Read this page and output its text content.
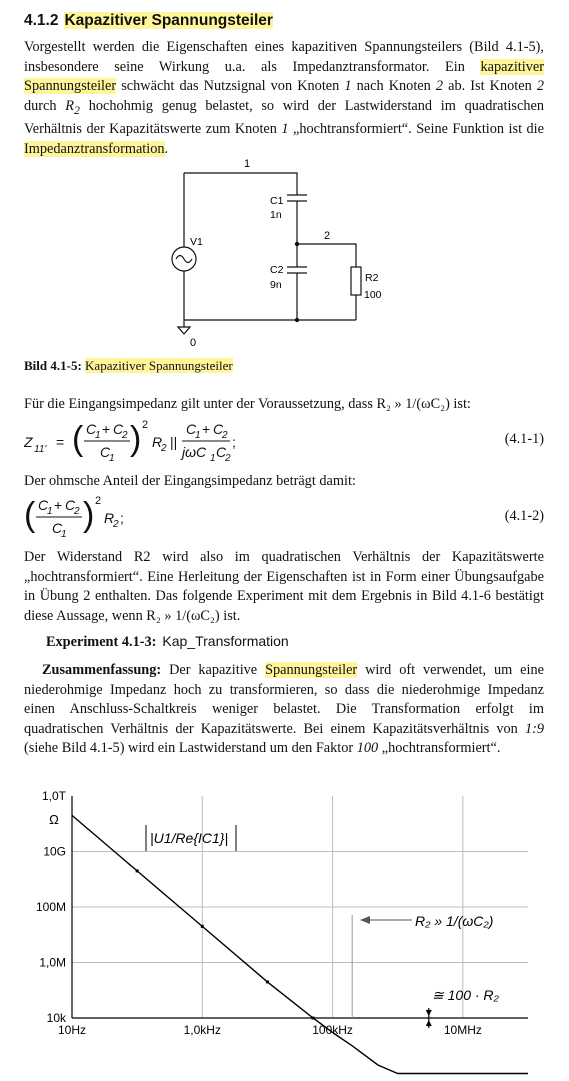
4.1.2 Kapazitiver Spannungsteiler
Vorgestellt werden die Eigenschaften eines kapazitiven Spannungsteilers (Bild 4.1-5), insbesondere seine Wirkung u.a. als Impedanztransformator. Ein kapazitiver Spannungsteiler schwächt das Nutzsignal von Knoten 1 nach Knoten 2 ab. Ist Knoten 2 durch $R_2$ hochohmig genug belastet, so wird der Lastwiderstand im quadratischen Verhältnis der Kapazitätswerte zum Knoten 1 „hochtransformiert“. Seine Funktion ist die Impedanztransformation.
1
2
0
C1
1n
C2
9n
R2
100
V1
Bild 4.1-5: Kapazitiver Spannungsteiler
Für die Eingangsimpedanz gilt unter der Voraussetzung, dass R₂ » 1/(ωC₂) ist:
Z 11' = ( C
1 + C
2
C
1
) 2
R
2 ||
C
1 + C
2
jωC 1 C
2
;	(4.1-1)
Der ohmsche Anteil der Eingangsimpedanz beträgt damit:
( C
1 + C
2
C
1
) 2
R
2 ;	(4.1-2)
Der Widerstand R2 wird also im quadratischen Verhältnis der Kapazitätswerte „hochtransformiert“. Eine Herleitung der Eigenschaften ist in Form einer Übungsaufgabe in Übung 2 enthalten. Das folgende Experiment mit dem Ergebnis in Bild 4.1-6 bestätigt diese Aussage, wenn R₂ » 1/(ωC₂) ist.
Experiment 4.1-3: Kap_Transformation
Zusammenfassung: Der kapazitive Spannungsteiler wird oft verwendet, um eine niederohmige Impedanz hoch zu transformieren, so dass die niederohmige Impedanz einen Anschluss-Schaltkreis weniger belastet. Die Transformation erfolgt im quadratischen Verhältnis der Kapazitätswerte. Bei einem Kapazitätsverhältnis von 1:9 (siehe Bild 4.1-5) wird ein Lastwiderstand um den Faktor 100 „hochtransformiert“.
10Hz	1,0kHz	100kHz	10MHz
10k
1,0M
100M
10G
1,0T
Ω
|U1/Re{IC1}|
R₂ » 1/(ωC₂)
≅ 100 · R₂
